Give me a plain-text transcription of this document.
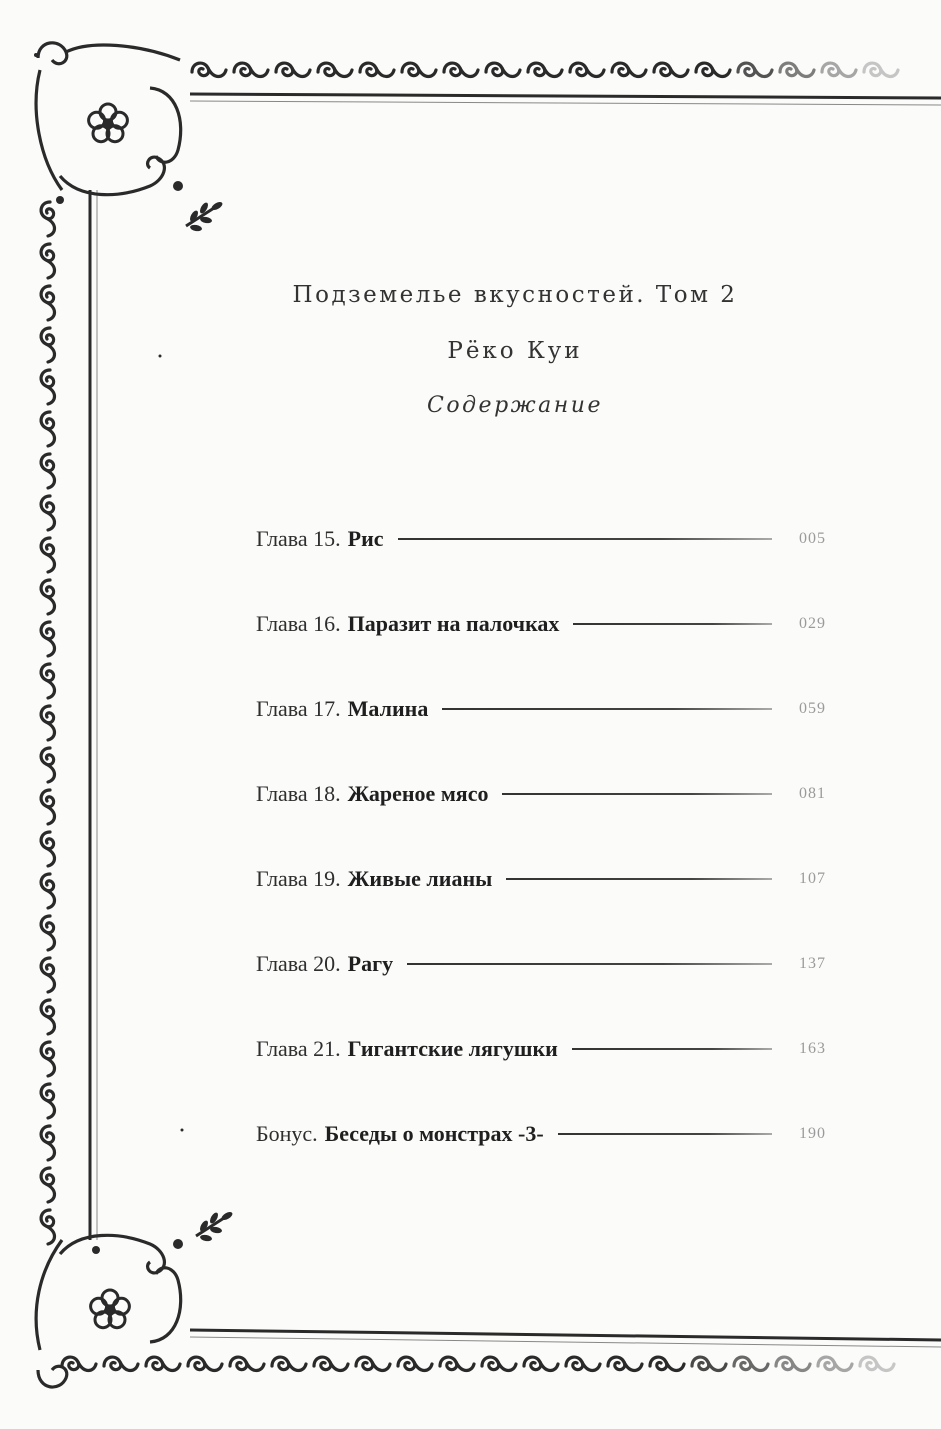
Подземелье вкусностей. Том 2
Рёко Куи
Содержание
Глава 15. Рис	005
Глава 16. Паразит на палочках	029
Глава 17. Малина	059
Глава 18. Жареное мясо	081
Глава 19. Живые лианы	107
Глава 20. Рагу	137
Глава 21. Гигантские лягушки	163
Бонус. Беседы о монстрах -3-	190
